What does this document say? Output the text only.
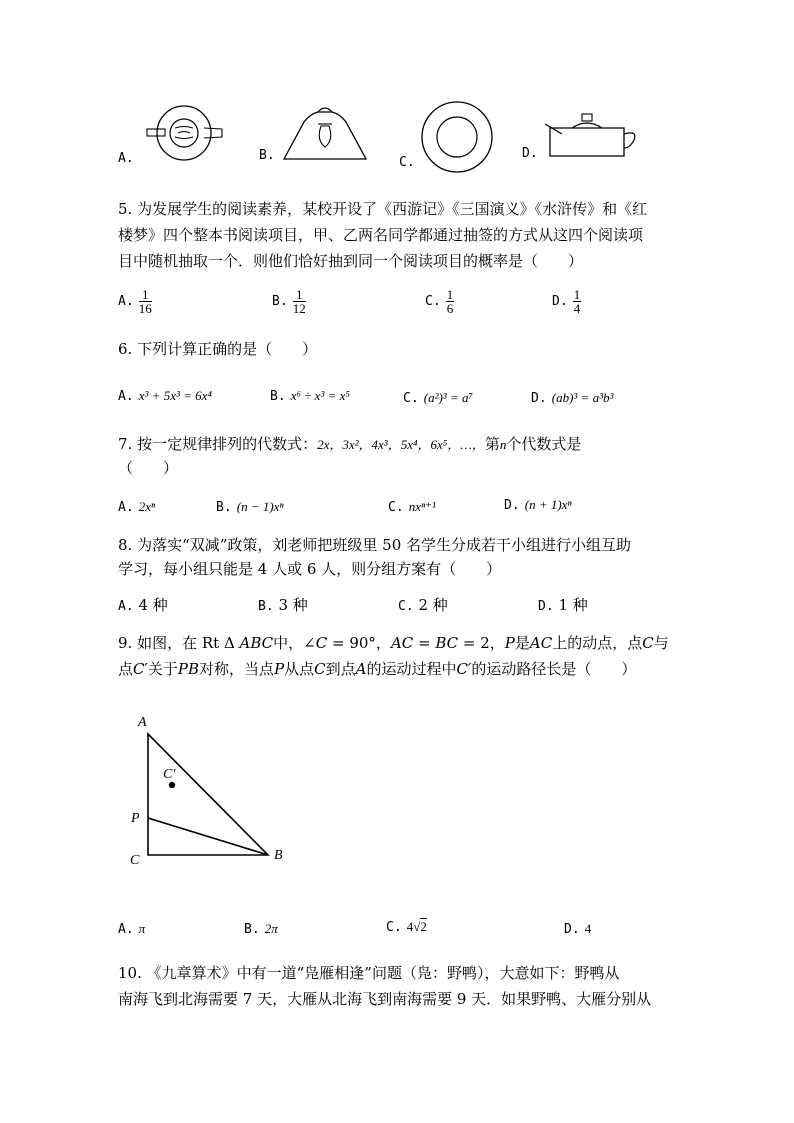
A.	B.	C.
D.
5. 为发展学生的阅读素养，某校开设了《西游记》《三国演义》《水浒传》和《红
楼梦》四个整本书阅读项目，甲、乙两名同学都通过抽签的方式从这四个阅读项
目中随机抽取一个．则他们恰好抽到同一个阅读项目的概率是（　　）
A. $\frac{1}{16}$	B. $\frac{1}{12}$	C. $\frac{1}{6}$	D. $\frac{1}{4}$
6. 下列计算正确的是（　　）
A. x³ + 5x³ = 6x⁴	B. x⁶ ÷ x³ = x⁵	C. (a²)³ = a⁷	D. (ab)³ = a³b³
7. 按一定规律排列的代数式：2x，3x²，4x³，5x⁴，6x⁵，…，第n个代数式是
（　　）
A. 2xⁿ	B. (n − 1)xⁿ	C. nxⁿ⁺¹	D. (n + 1)xⁿ
8. 为落实“双减”政策，刘老师把班级里 50 名学生分成若干小组进行小组互助
学习，每小组只能是 4 人或 6 人，则分组方案有（　　）
A. 4 种	B. 3 种	C. 2 种	D. 1 种
9. 如图，在 Rt Δ ABC中，∠C = 90°，AC = BC = 2，P是AC上的动点，点C与
点C′关于PB对称，当点P从点C到点A的运动过程中C′的运动路径长是（　　）
A
B
C
P
C′
A. π	B. 2π	C. 4√2	D. 4
10. 《九章算术》中有一道“凫雁相逢”问题（凫：野鸭），大意如下：野鸭从
南海飞到北海需要 7 天，大雁从北海飞到南海需要 9 天．如果野鸭、大雁分别从
